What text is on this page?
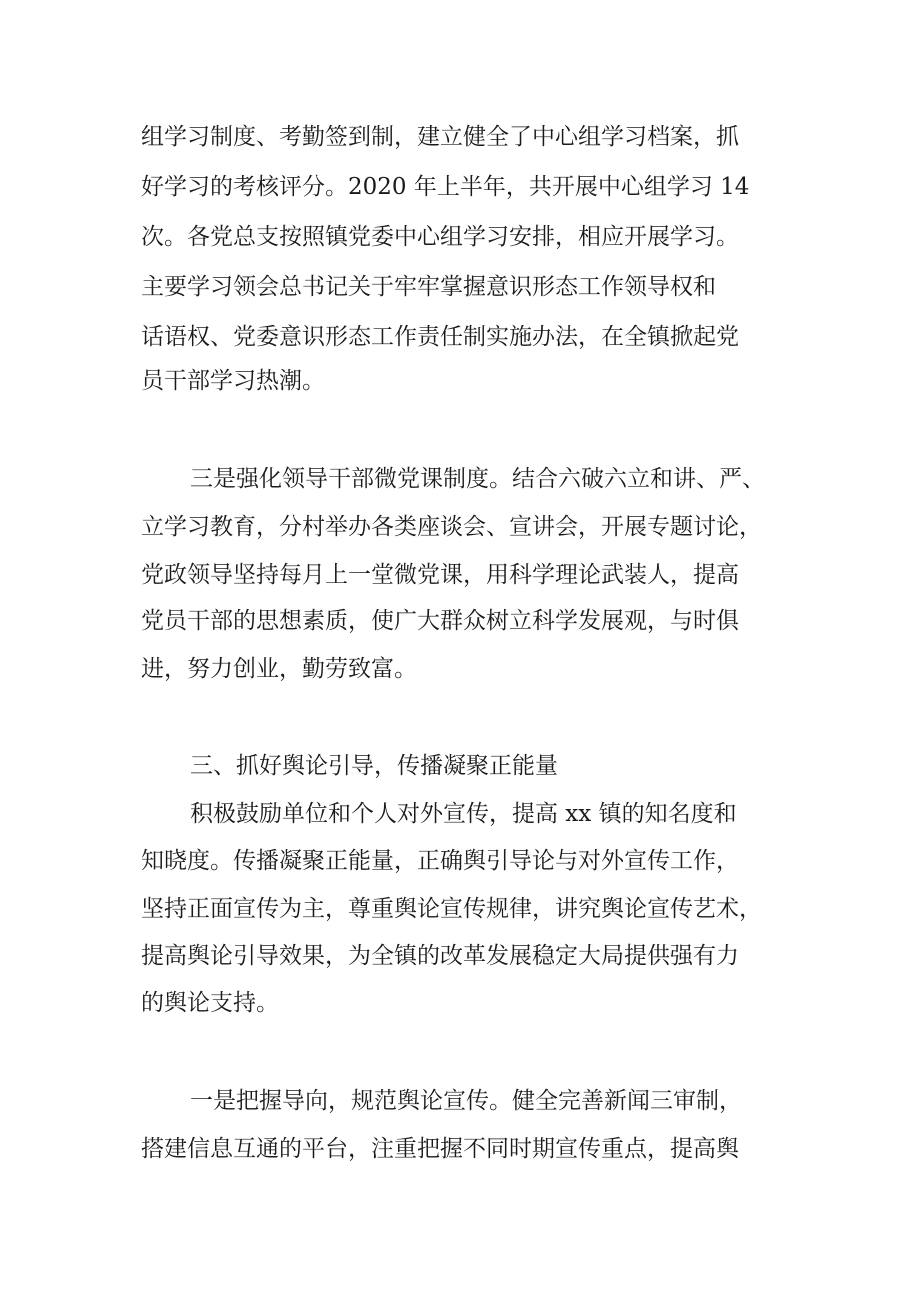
组学习制度、考勤签到制，建立健全了中心组学习档案，抓
好学习的考核评分。2020 年上半年，共开展中心组学习 14
次。各党总支按照镇党委中心组学习安排，相应开展学习。
主要学习领会总书记关于牢牢掌握意识形态工作领导权和
话语权、党委意识形态工作责任制实施办法，在全镇掀起党
员干部学习热潮。
三是强化领导干部微党课制度。结合六破六立和讲、严、
立学习教育，分村举办各类座谈会、宣讲会，开展专题讨论，
党政领导坚持每月上一堂微党课，用科学理论武装人，提高
党员干部的思想素质，使广大群众树立科学发展观，与时俱
进，努力创业，勤劳致富。
三、抓好舆论引导，传播凝聚正能量
积极鼓励单位和个人对外宣传，提高 xx 镇的知名度和
知晓度。传播凝聚正能量，正确舆引导论与对外宣传工作，
坚持正面宣传为主，尊重舆论宣传规律，讲究舆论宣传艺术，
提高舆论引导效果，为全镇的改革发展稳定大局提供强有力
的舆论支持。
一是把握导向，规范舆论宣传。健全完善新闻三审制，
搭建信息互通的平台，注重把握不同时期宣传重点，提高舆
